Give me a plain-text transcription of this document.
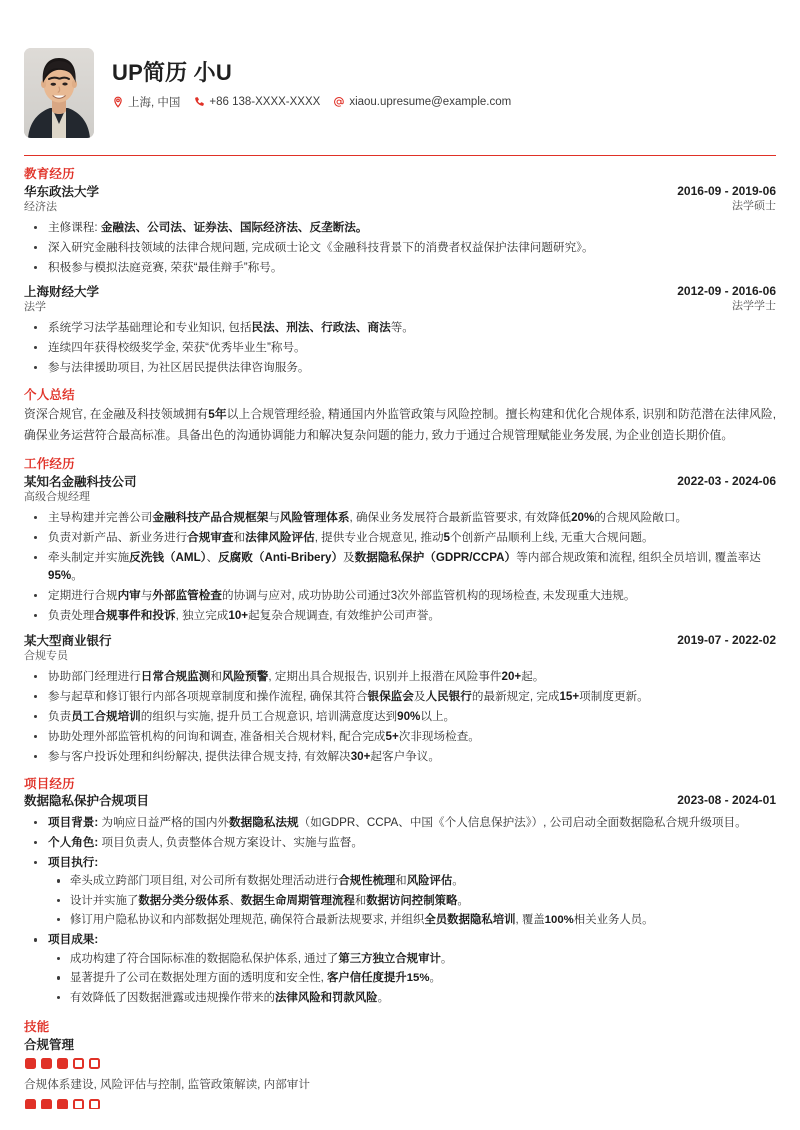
UP简历 小U
上海, 中国	+86 138-XXXX-XXXX	xiaou.upresume@example.com
教育经历
华东政法大学
经济法
2016-09 - 2019-06
法学硕士
主修课程: 金融法、公司法、证券法、国际经济法、反垄断法。
深入研究金融科技领域的法律合规问题, 完成硕士论文《金融科技背景下的消费者权益保护法律问题研究》。
积极参与模拟法庭竞赛, 荣获“最佳辩手”称号。
上海财经大学
法学
2012-09 - 2016-06
法学学士
系统学习法学基础理论和专业知识, 包括民法、刑法、行政法、商法等。
连续四年获得校级奖学金, 荣获“优秀毕业生”称号。
参与法律援助项目, 为社区居民提供法律咨询服务。
个人总结
资深合规官, 在金融及科技领域拥有5年以上合规管理经验, 精通国内外监管政策与风险控制。擅长构建和优化合规体系, 识别和防范潜在法律风险, 确保业务运营符合最高标准。具备出色的沟通协调能力和解决复杂问题的能力, 致力于通过合规管理赋能业务发展, 为企业创造长期价值。
工作经历
某知名金融科技公司
高级合规经理
2022-03 - 2024-06
主导构建并完善公司金融科技产品合规框架与风险管理体系, 确保业务发展符合最新监管要求, 有效降低20%的合规风险敞口。
负责对新产品、新业务进行合规审查和法律风险评估, 提供专业合规意见, 推动5个创新产品顺利上线, 无重大合规问题。
牵头制定并实施反洗钱（AML）、反腐败（Anti-Bribery）及数据隐私保护（GDPR/CCPA）等内部合规政策和流程, 组织全员培训, 覆盖率达95%。
定期进行合规内审与外部监管检查的协调与应对, 成功协助公司通过3次外部监管机构的现场检查, 未发现重大违规。
负责处理合规事件和投诉, 独立完成10+起复杂合规调查, 有效维护公司声誉。
某大型商业银行
合规专员
2019-07 - 2022-02
协助部门经理进行日常合规监测和风险预警, 定期出具合规报告, 识别并上报潜在风险事件20+起。
参与起草和修订银行内部各项规章制度和操作流程, 确保其符合银保监会及人民银行的最新规定, 完成15+项制度更新。
负责员工合规培训的组织与实施, 提升员工合规意识, 培训满意度达到90%以上。
协助处理外部监管机构的问询和调查, 准备相关合规材料, 配合完成5+次非现场检查。
参与客户投诉处理和纠纷解决, 提供法律合规支持, 有效解决30+起客户争议。
项目经历
数据隐私保护合规项目	2023-08 - 2024-01
项目背景: 为响应日益严格的国内外数据隐私法规（如GDPR、CCPA、中国《个人信息保护法》）, 公司启动全面数据隐私合规升级项目。
个人角色: 项目负责人, 负责整体合规方案设计、实施与监督。
项目执行:
牵头成立跨部门项目组, 对公司所有数据处理活动进行合规性梳理和风险评估。
设计并实施了数据分类分级体系、数据生命周期管理流程和数据访问控制策略。
修订用户隐私协议和内部数据处理规范, 确保符合最新法规要求, 并组织全员数据隐私培训, 覆盖100%相关业务人员。
项目成果:
成功构建了符合国际标准的数据隐私保护体系, 通过了第三方独立合规审计。
显著提升了公司在数据处理方面的透明度和安全性, 客户信任度提升15%。
有效降低了因数据泄露或违规操作带来的法律风险和罚款风险。
技能
合规管理
合规体系建设, 风险评估与控制, 监管政策解读, 内部审计
